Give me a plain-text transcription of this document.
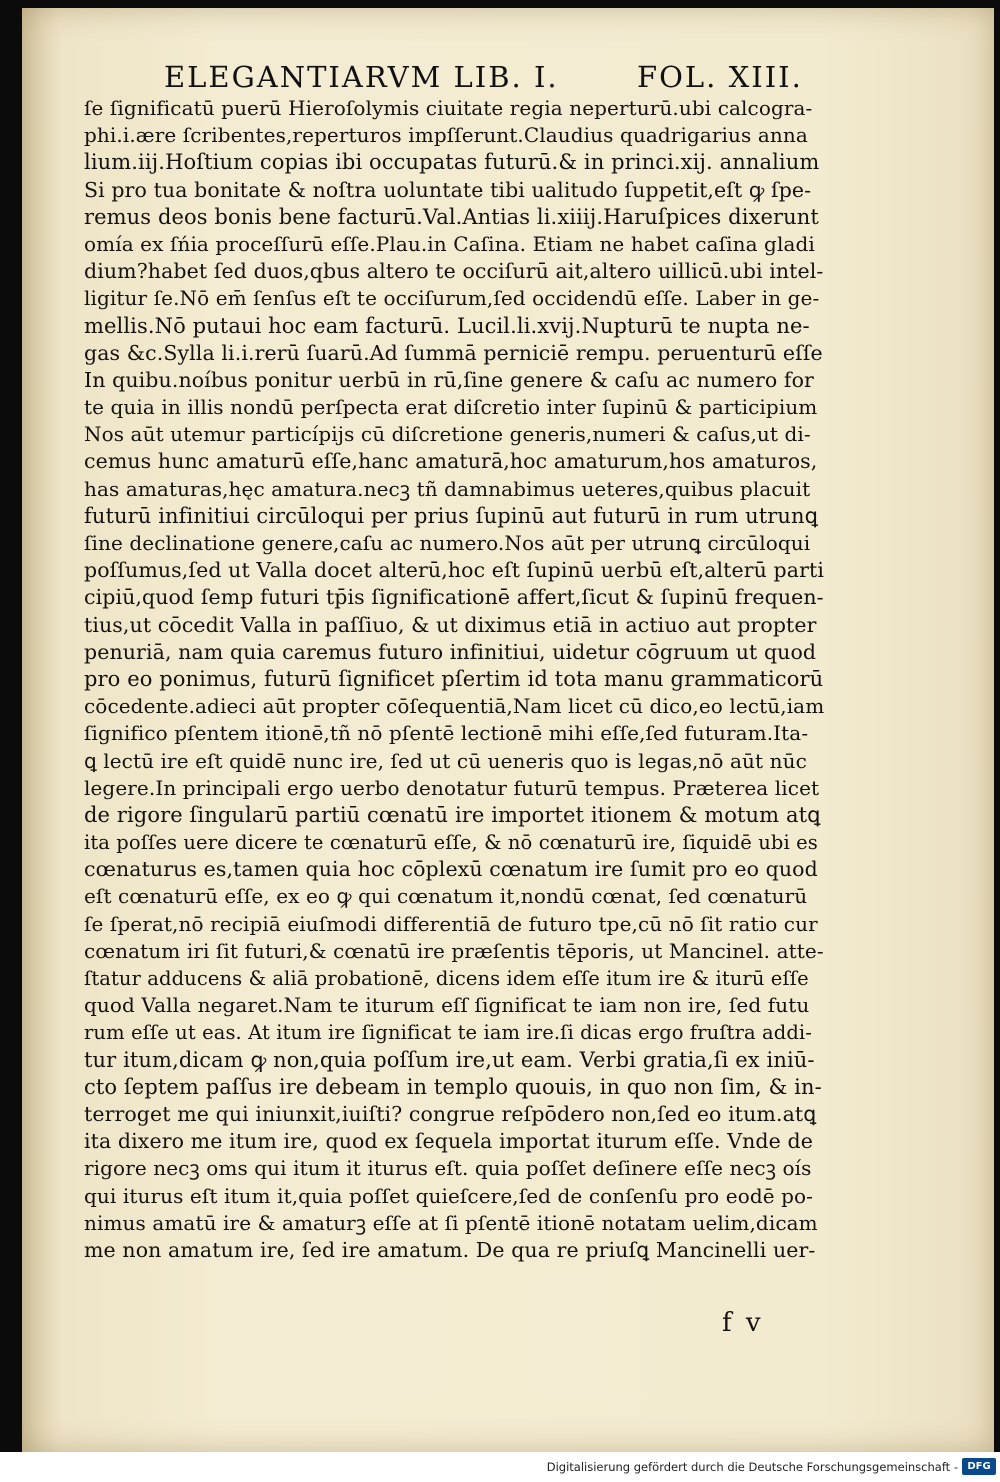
ELEGANTIARVM LIB. I.	FOL. XIII.
ſe ſignificatū puerū Hieroſolymis ciuitate regia neperturū.ubi calcogra-
phi.i.ære ſcribentes,reperturos impſſerunt.Claudius quadrigarius anna
lium.iij.Hoſtium copias ibi occupatas futurū.& in princi.xij. annalium
Si pro tua bonitate & noſtra uoluntate tibi ualitudo ſuppetit,eſt ꝙ ſpe-
remus deos bonis bene facturū.Val.Antias li.xiiij.Haruſpices dixerunt
omía ex ſńia proceſſurū eſſe.Plau.in Caſina. Etiam ne habet caſina gladi
dium?habet ſed duos,qbus altero te occiſurū ait,altero uillicū.ubi intel-
ligitur ſe.Nō em̄ ſenſus eſt te occiſurum,ſed occidendū eſſe. Laber in ge-
mellis.Nō putaui hoc eam facturū. Lucil.li.xvij.Nupturū te nupta ne-
gas &c.Sylla li.i.rerū ſuarū.Ad ſummā perniciē rempu. peruenturū eſſe
In quibu.noíbus ponitur uerbū in rū,ſine genere & caſu ac numero for
te quia in illis nondū perſpecta erat diſcretio inter ſupinū & participium
Nos aūt utemur particípijs cū diſcretione generis,numeri & caſus,ut di-
cemus hunc amaturū eſſe,hanc amaturā,hoc amaturum,hos amaturos,
has amaturas,hęc amatura.necꝫ tñ damnabimus ueteres,quibus placuit
futurū infinitiui circūloqui per prius ſupinū aut futurū in rum utrunꝗ
ſine declinatione genere,caſu ac numero.Nos aūt per utrunꝗ circūloqui
poſſumus,ſed ut Valla docet alterū,hoc eſt ſupinū uerbū eſt,alterū parti
cipiū,quod ſemp futuri tp̄is ſignificationē affert,ſicut & ſupinū frequen-
tius,ut cōcedit Valla in paſſiuo, & ut diximus etiā in actiuo aut propter
penuriā, nam quia caremus futuro infinitiui, uidetur cōgruum ut quod
pro eo ponimus, futurū ſignificet pſertim id tota manu grammaticorū
cōcedente.adieci aūt propter cōſequentiā,Nam licet cū dico,eo lectū,iam
ſignifico pſentem itionē,tñ nō pſentē lectionē mihi eſſe,ſed futuram.Ita-
ꝗ lectū ire eſt quidē nunc ire, ſed ut cū ueneris quo is legas,nō aūt nūc
legere.In principali ergo uerbo denotatur futurū tempus. Præterea licet
de rigore ſingularū partiū cœnatū ire importet itionem & motum atꝗ
ita poſſes uere dicere te cœnaturū eſſe, & nō cœnaturū ire, ſiquidē ubi es
cœnaturus es,tamen quia hoc cōplexū cœnatum ire ſumit pro eo quod
eſt cœnaturū eſſe, ex eo ꝙ qui cœnatum it,nondū cœnat, ſed cœnaturū
ſe ſperat,nō recipiā eiuſmodi differentiā de futuro tpe,cū nō ſit ratio cur
cœnatum iri ſit futuri,& cœnatū ire præſentis tēporis, ut Mancinel. atte-
ſtatur adducens & aliā probationē, dicens idem eſſe itum ire & iturū eſſe
quod Valla negaret.Nam te iturum eſſ ſignificat te iam non ire, ſed futu
rum eſſe ut eas. At itum ire ſignificat te iam ire.ſi dicas ergo fruſtra addi-
tur itum,dicam ꝙ non,quia poſſum ire,ut eam. Verbi gratia,ſi ex iniū-
cto ſeptem paſſus ire debeam in templo quouis, in quo non ſim, & in-
terroget me qui iniunxit,iuiſti? congrue reſpōdero non,ſed eo itum.atꝗ
ita dixero me itum ire, quod ex ſequela importat iturum eſſe. Vnde de
rigore necꝫ oms qui itum it iturus eſt. quia poſſet deſinere eſſe necꝫ oís
qui iturus eſt itum it,quia poſſet quieſcere,ſed de conſenſu pro eodē po-
nimus amatū ire & amaturꝫ eſſe at ſi pſentē itionē notatam uelim,dicam
me non amatum ire, ſed ire amatum. De qua re priuſꝗ Mancinelli uer-
f v
Digitalisierung gefördert durch die Deutsche Forschungsgemeinschaft - DFG
